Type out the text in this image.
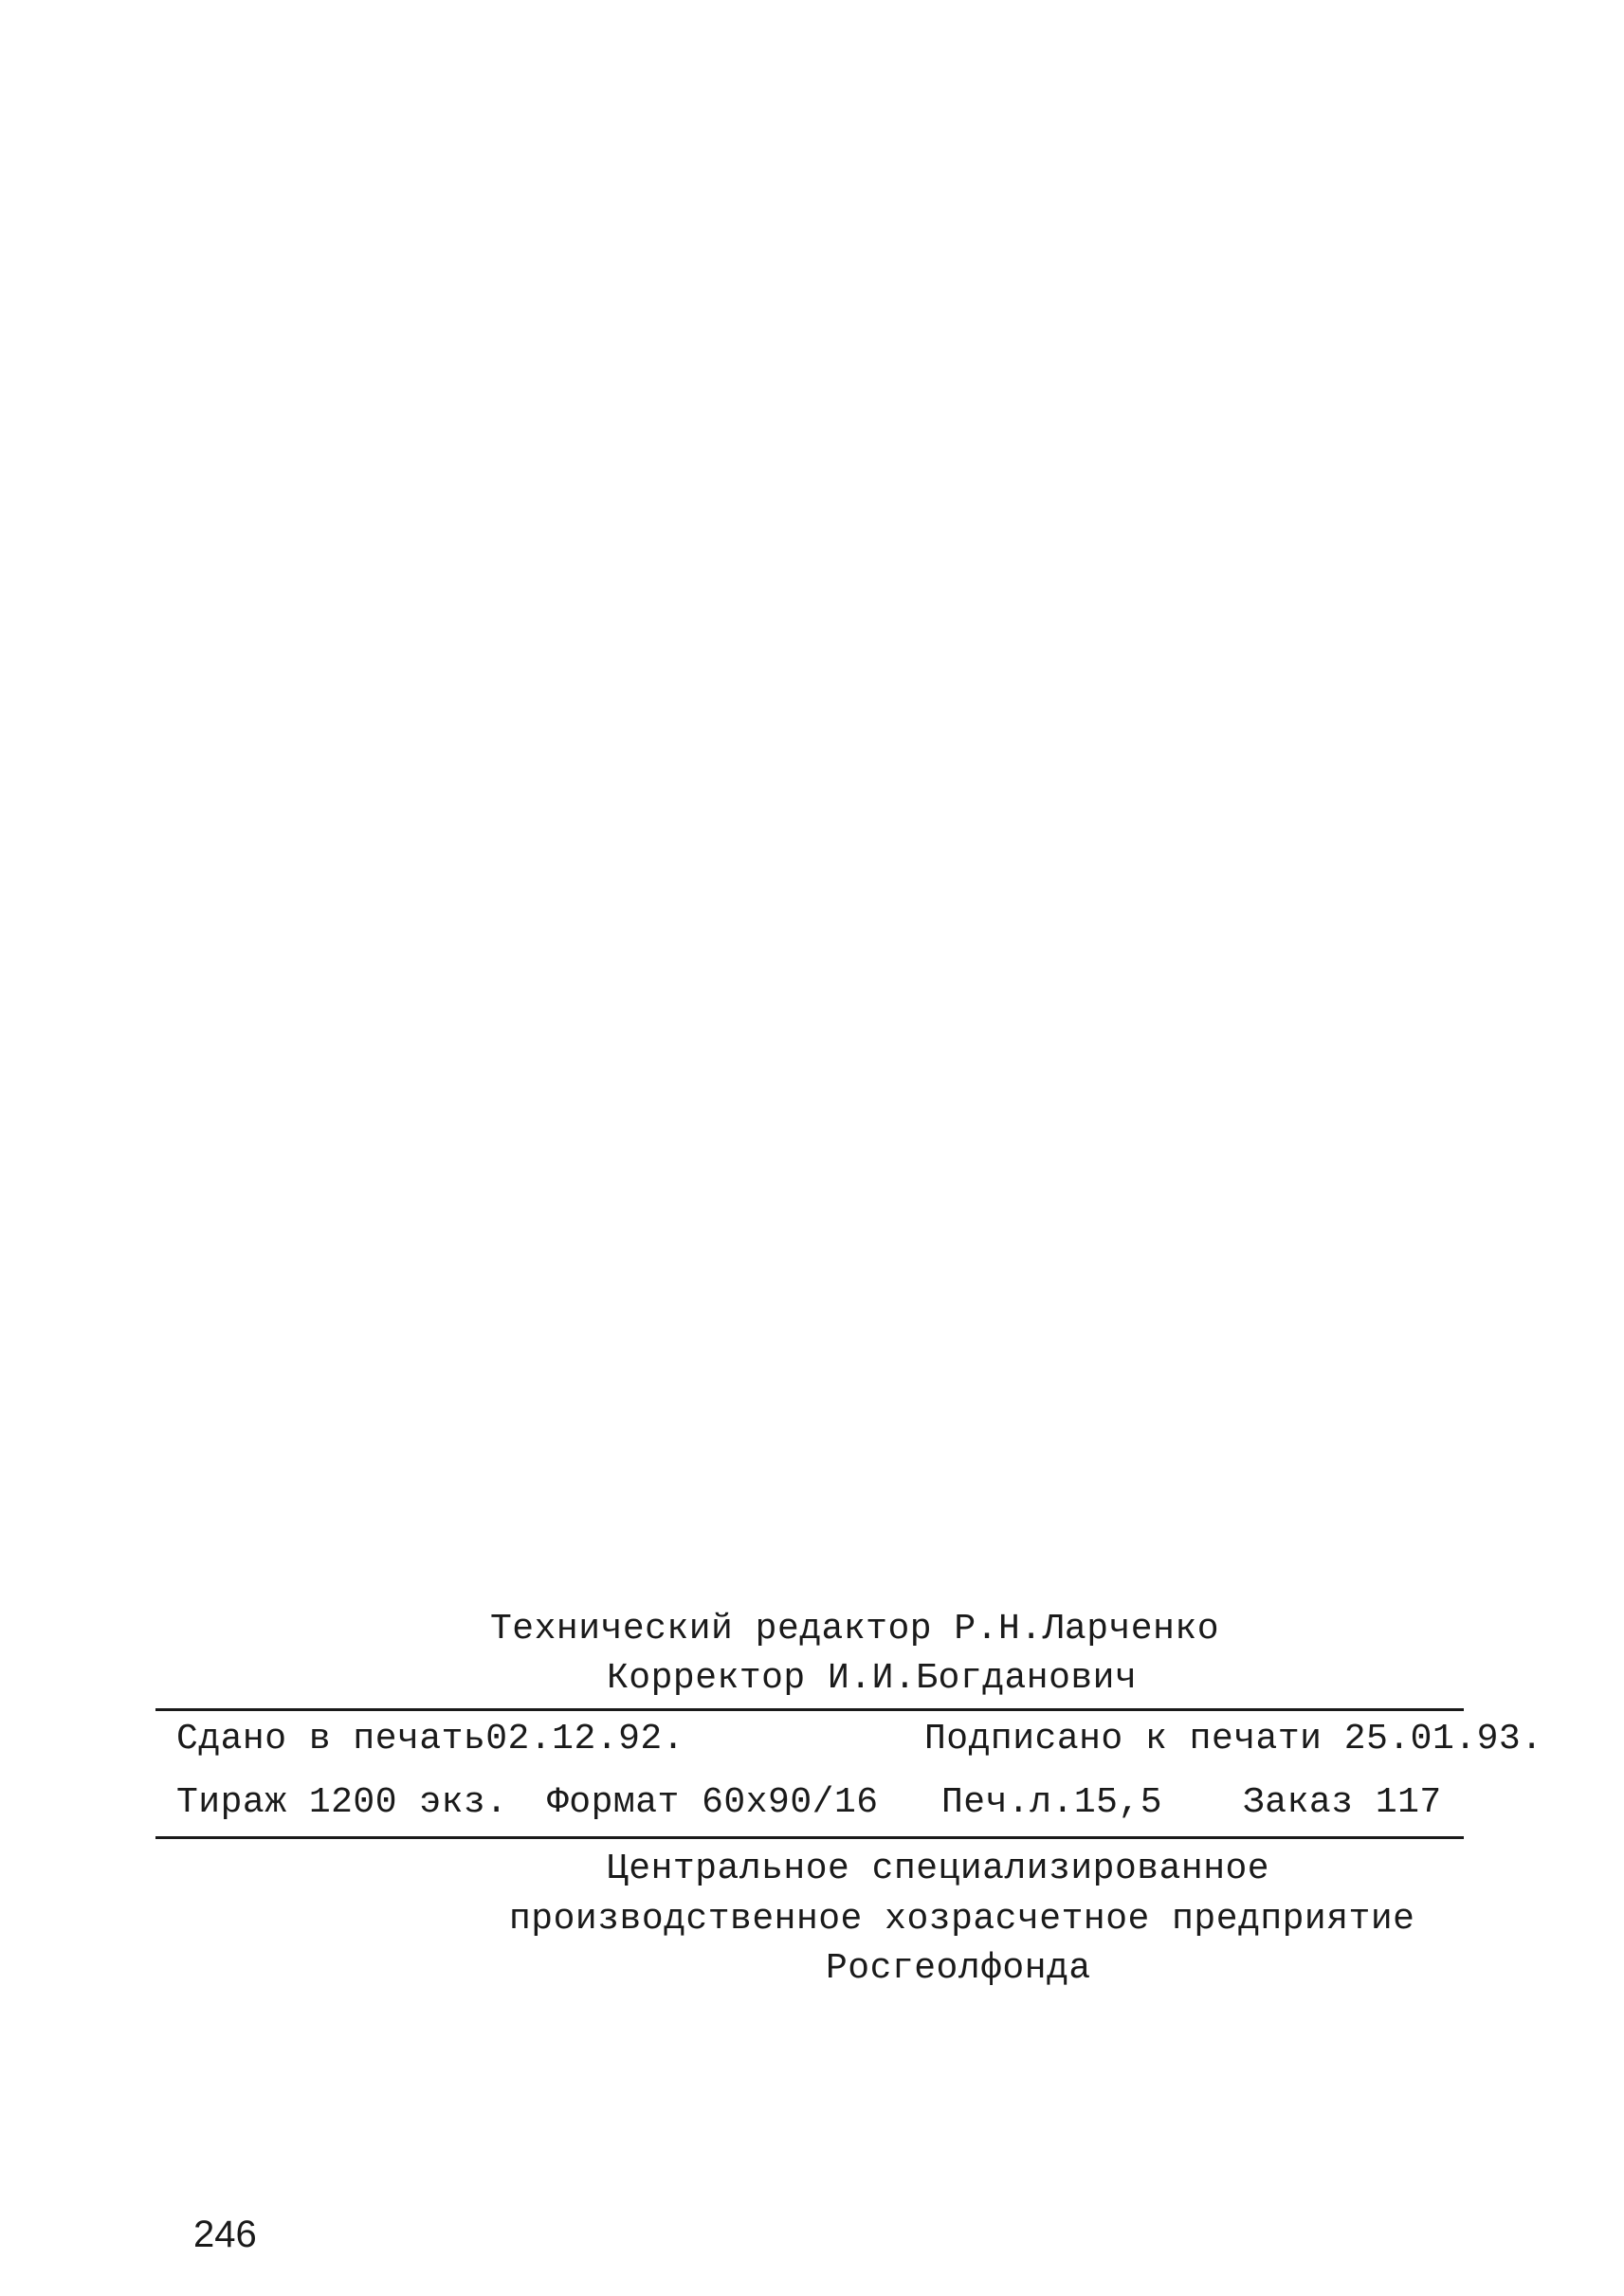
Технический редактор Р.Н.Ларченко
Корректор И.И.Богданович
Сдано в печать02.12.92.	Подписано к печати 25.01.93.
Тираж 1200 экз. Формат 60х90/16 Печ.л.15,5 Заказ 117
Центральное специализированное
производственное хозрасчетное предприятие
Росгеолфонда
246
